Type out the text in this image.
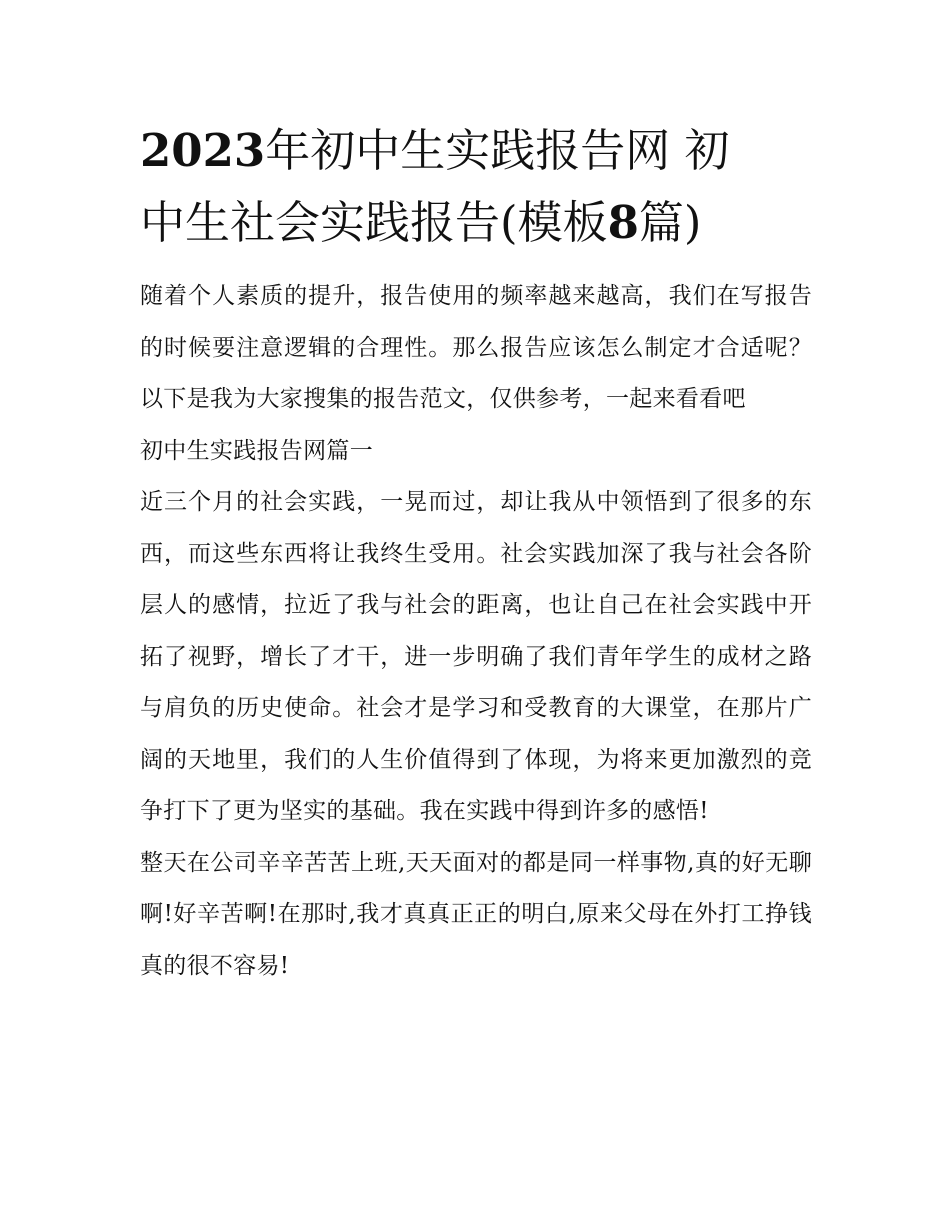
2023年初中生实践报告网 初
中生社会实践报告(模板8篇)

随着个人素质的提升，报告使用的频率越来越高，我们在写报告的时候要注意逻辑的合理性。那么报告应该怎么制定才合适呢？以下是我为大家搜集的报告范文，仅供参考，一起来看看吧

初中生实践报告网篇一

近三个月的社会实践，一晃而过，却让我从中领悟到了很多的东西，而这些东西将让我终生受用。社会实践加深了我与社会各阶层人的感情，拉近了我与社会的距离，也让自己在社会实践中开拓了视野，增长了才干，进一步明确了我们青年学生的成材之路与肩负的历史使命。社会才是学习和受教育的大课堂，在那片广阔的天地里，我们的人生价值得到了体现，为将来更加激烈的竞争打下了更为坚实的基础。我在实践中得到许多的感悟!

整天在公司辛辛苦苦上班,天天面对的都是同一样事物,真的好无聊啊!好辛苦啊!在那时,我才真真正正的明白,原来父母在外打工挣钱真的很不容易!
